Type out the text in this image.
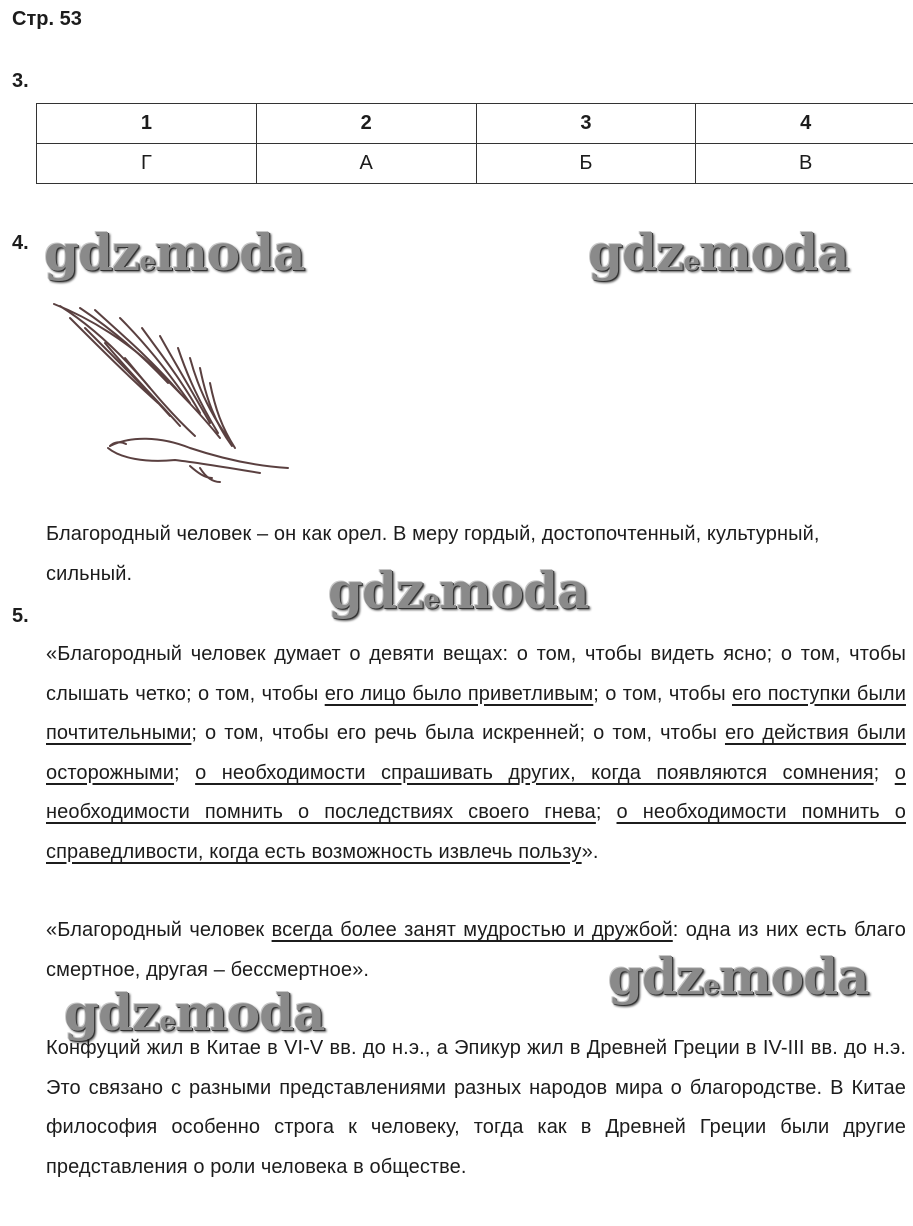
Стр. 53
3.
1	2	3	4
Г	А	Б	В
4. gdzemoda	gdzemoda
Благородный человек – он как орел. В меру гордый, достопочтенный, культурный, сильный.
5.	gdzemoda
«Благородный человек думает о девяти вещах: о том, чтобы видеть ясно; о том, чтобы слышать четко; о том, чтобы его лицо было приветливым; о том, чтобы его поступки были почтительными; о том, чтобы его речь была искренней; о том, чтобы его действия были осторожными; о необходимости спрашивать других, когда появляются сомнения; о необходимости помнить о последствиях своего гнева; о необходимости помнить о справедливости, когда есть возможность извлечь пользу».
«Благородный человек всегда более занят мудростью и дружбой: одна из них есть благо смертное, другая – бессмертное».	gdzemoda
gdzemoda
Конфуций жил в Китае в VI-V вв. до н.э., а Эпикур жил в Древней Греции в IV-III вв. до н.э. Это связано с разными представлениями разных народов мира о благородстве. В Китае философия особенно строга к человеку, тогда как в Древней Греции были другие представления о роли человека в обществе.
